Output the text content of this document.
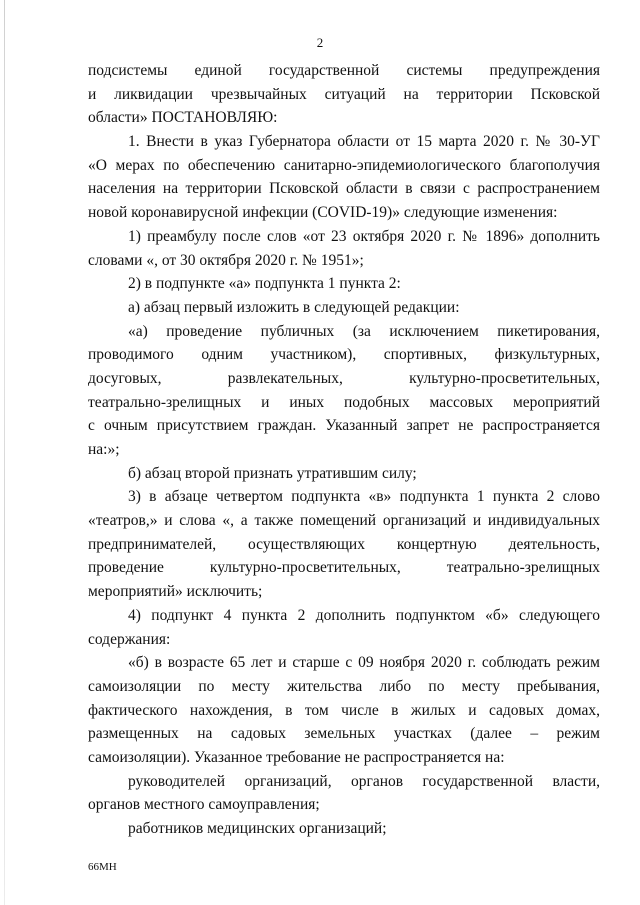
2
подсистемы единой государственной системы предупреждения
и ликвидации чрезвычайных ситуаций на территории Псковской
области» ПОСТАНОВЛЯЮ:
1. Внести в указ Губернатора области от 15 марта 2020 г. № 30-УГ
«О мерах по обеспечению санитарно-эпидемиологического благополучия
населения на территории Псковской области в связи с распространением
новой коронавирусной инфекции (COVID-19)» следующие изменения:
1) преамбулу после слов «от 23 октября 2020 г. № 1896» дополнить
словами «, от 30 октября 2020 г. № 1951»;
2) в подпункте «а» подпункта 1 пункта 2:
а) абзац первый изложить в следующей редакции:
«а) проведение публичных (за исключением пикетирования,
проводимого одним участником), спортивных, физкультурных,
досуговых, развлекательных, культурно-просветительных,
театрально-зрелищных и иных подобных массовых мероприятий
с очным присутствием граждан. Указанный запрет не распространяется
на:»;
б) абзац второй признать утратившим силу;
3) в абзаце четвертом подпункта «в» подпункта 1 пункта 2 слово
«театров,» и слова «, а также помещений организаций и индивидуальных
предпринимателей, осуществляющих концертную деятельность,
проведение культурно-просветительных, театрально-зрелищных
мероприятий» исключить;
4) подпункт 4 пункта 2 дополнить подпунктом «б» следующего
содержания:
«б) в возрасте 65 лет и старше с 09 ноября 2020 г. соблюдать режим
самоизоляции по месту жительства либо по месту пребывания,
фактического нахождения, в том числе в жилых и садовых домах,
размещенных на садовых земельных участках (далее – режим
самоизоляции). Указанное требование не распространяется на:
руководителей организаций, органов государственной власти,
органов местного самоуправления;
работников медицинских организаций;
66МН
